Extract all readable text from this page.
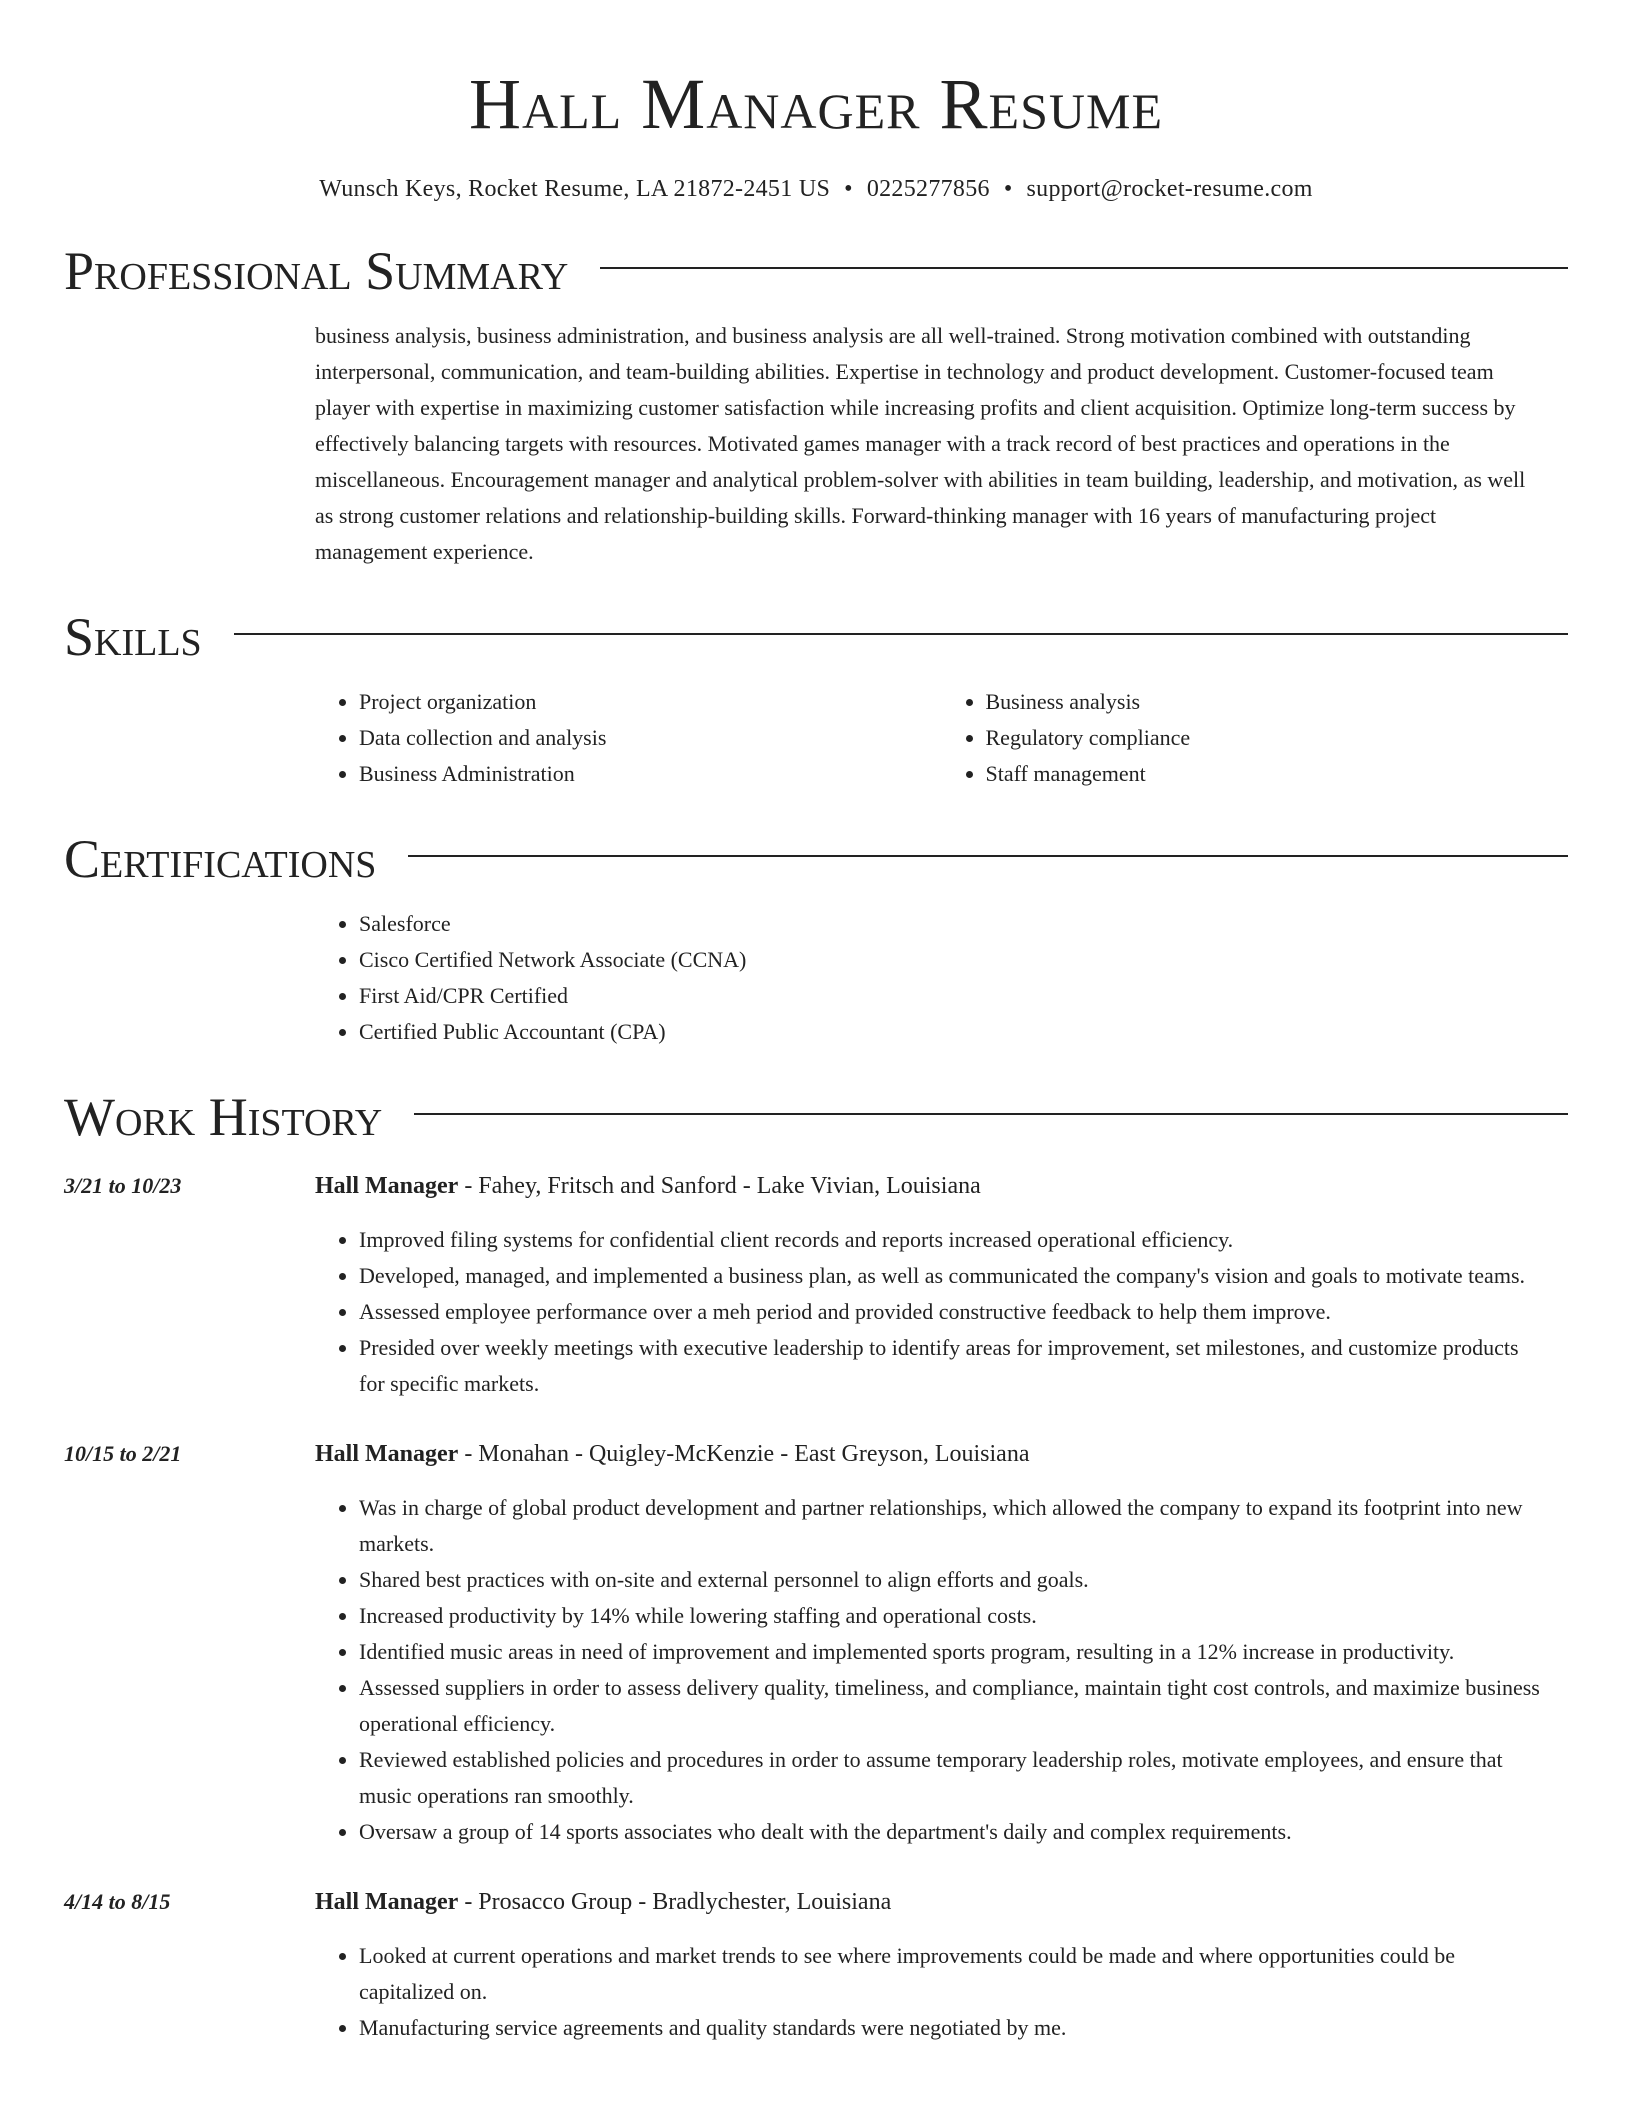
Hall Manager Resume
Wunsch Keys, Rocket Resume, LA 21872-2451 US • 0225277856 • support@rocket-resume.com
Professional Summary
business analysis, business administration, and business analysis are all well-trained. Strong motivation combined with outstanding interpersonal, communication, and team-building abilities. Expertise in technology and product development. Customer-focused team player with expertise in maximizing customer satisfaction while increasing profits and client acquisition. Optimize long-term success by effectively balancing targets with resources. Motivated games manager with a track record of best practices and operations in the miscellaneous. Encouragement manager and analytical problem-solver with abilities in team building, leadership, and motivation, as well as strong customer relations and relationship-building skills. Forward-thinking manager with 16 years of manufacturing project management experience.
Skills
• Project organization
• Data collection and analysis
• Business Administration
• Business analysis
• Regulatory compliance
• Staff management
Certifications
• Salesforce
• Cisco Certified Network Associate (CCNA)
• First Aid/CPR Certified
• Certified Public Accountant (CPA)
Work History
3/21 to 10/23	Hall Manager - Fahey, Fritsch and Sanford - Lake Vivian, Louisiana
• Improved filing systems for confidential client records and reports increased operational efficiency.
• Developed, managed, and implemented a business plan, as well as communicated the company's vision and goals to motivate teams.
• Assessed employee performance over a meh period and provided constructive feedback to help them improve.
• Presided over weekly meetings with executive leadership to identify areas for improvement, set milestones, and customize products for specific markets.
10/15 to 2/21	Hall Manager - Monahan - Quigley-McKenzie - East Greyson, Louisiana
• Was in charge of global product development and partner relationships, which allowed the company to expand its footprint into new markets.
• Shared best practices with on-site and external personnel to align efforts and goals.
• Increased productivity by 14% while lowering staffing and operational costs.
• Identified music areas in need of improvement and implemented sports program, resulting in a 12% increase in productivity.
• Assessed suppliers in order to assess delivery quality, timeliness, and compliance, maintain tight cost controls, and maximize business operational efficiency.
• Reviewed established policies and procedures in order to assume temporary leadership roles, motivate employees, and ensure that music operations ran smoothly.
• Oversaw a group of 14 sports associates who dealt with the department's daily and complex requirements.
4/14 to 8/15	Hall Manager - Prosacco Group - Bradlychester, Louisiana
• Looked at current operations and market trends to see where improvements could be made and where opportunities could be capitalized on.
• Manufacturing service agreements and quality standards were negotiated by me.
